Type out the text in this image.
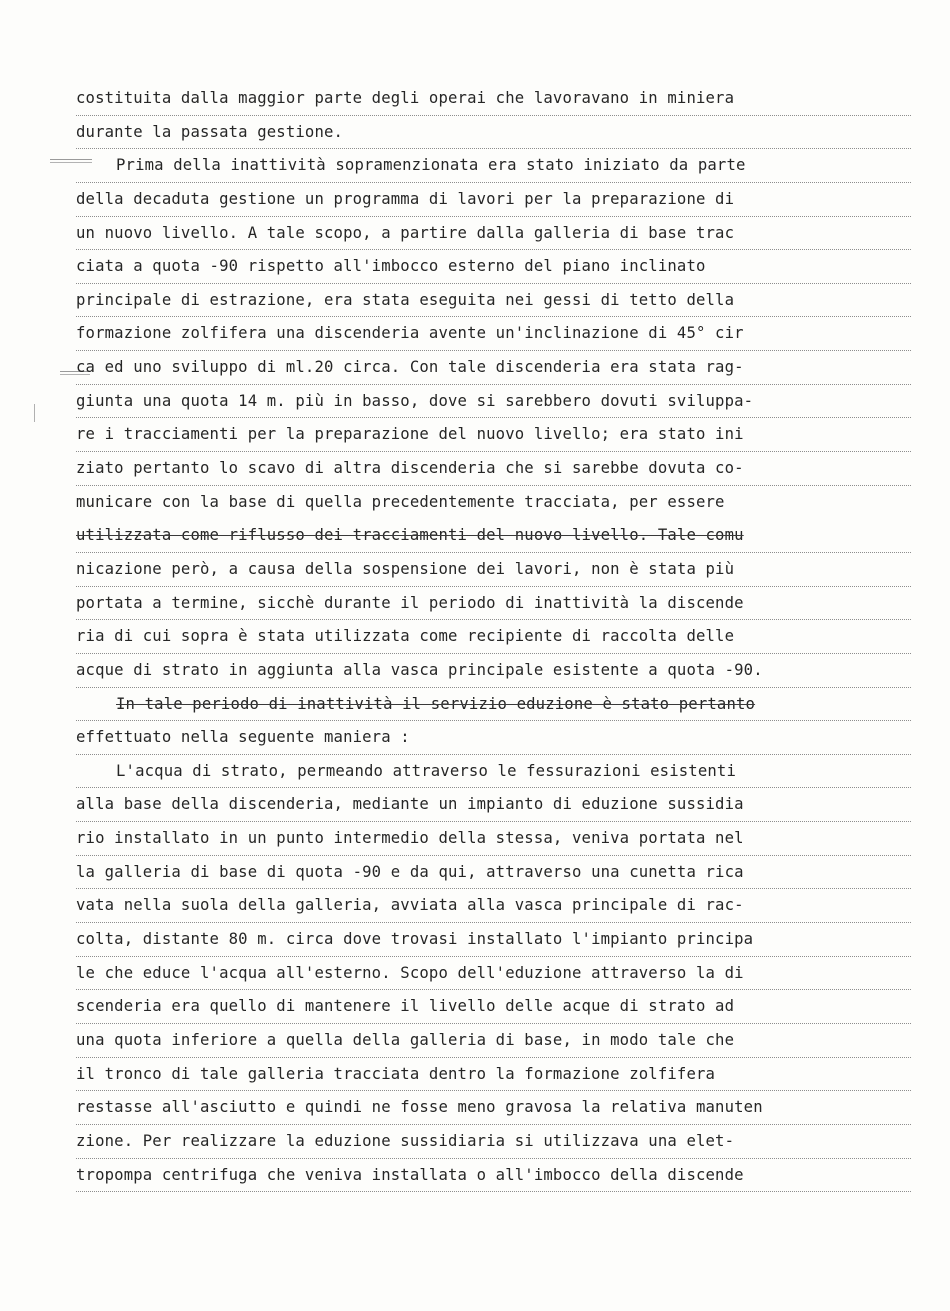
costituita dalla maggior parte degli operai che lavoravano in miniera
durante la passata gestione.
Prima della inattività sopramenzionata era stato iniziato da parte
della decaduta gestione un programma di lavori per la preparazione di
un nuovo livello. A tale scopo, a partire dalla galleria di base trac
ciata a quota -90 rispetto all'imbocco esterno del piano inclinato
principale di estrazione, era stata eseguita nei gessi di tetto della
formazione zolfifera una discenderia avente un'inclinazione di 45° cir
ca ed uno sviluppo di ml.20 circa. Con tale discenderia era stata rag-
giunta una quota 14 m. più in basso, dove si sarebbero dovuti sviluppa-
re i tracciamenti per la preparazione del nuovo livello; era stato ini
ziato pertanto lo scavo di altra discenderia che si sarebbe dovuta co-
municare con la base di quella precedentemente tracciata, per essere
utilizzata come riflusso dei tracciamenti del nuovo livello. Tale comu
nicazione però, a causa della sospensione dei lavori, non è stata più
portata a termine, sicchè durante il periodo di inattività la discende
ria di cui sopra è stata utilizzata come recipiente di raccolta delle
acque di strato in aggiunta alla vasca principale esistente a quota -90.
In tale periodo di inattività il servizio eduzione è stato pertanto
effettuato nella seguente maniera :
L'acqua di strato, permeando attraverso le fessurazioni esistenti
alla base della discenderia, mediante un impianto di eduzione sussidia
rio installato in un punto intermedio della stessa, veniva portata nel
la galleria di base di quota -90 e da qui, attraverso una cunetta rica
vata nella suola della galleria, avviata alla vasca principale di rac-
colta, distante 80 m. circa dove trovasi installato l'impianto principa
le che educe l'acqua all'esterno. Scopo dell'eduzione attraverso la di
scenderia era quello di mantenere il livello delle acque di strato ad
una quota inferiore a quella della galleria di base, in modo tale che
il tronco di tale galleria tracciata dentro la formazione zolfifera
restasse all'asciutto e quindi ne fosse meno gravosa la relativa manuten
zione. Per realizzare la eduzione sussidiaria si utilizzava una elet-
tropompa centrifuga che veniva installata o all'imbocco della discende
